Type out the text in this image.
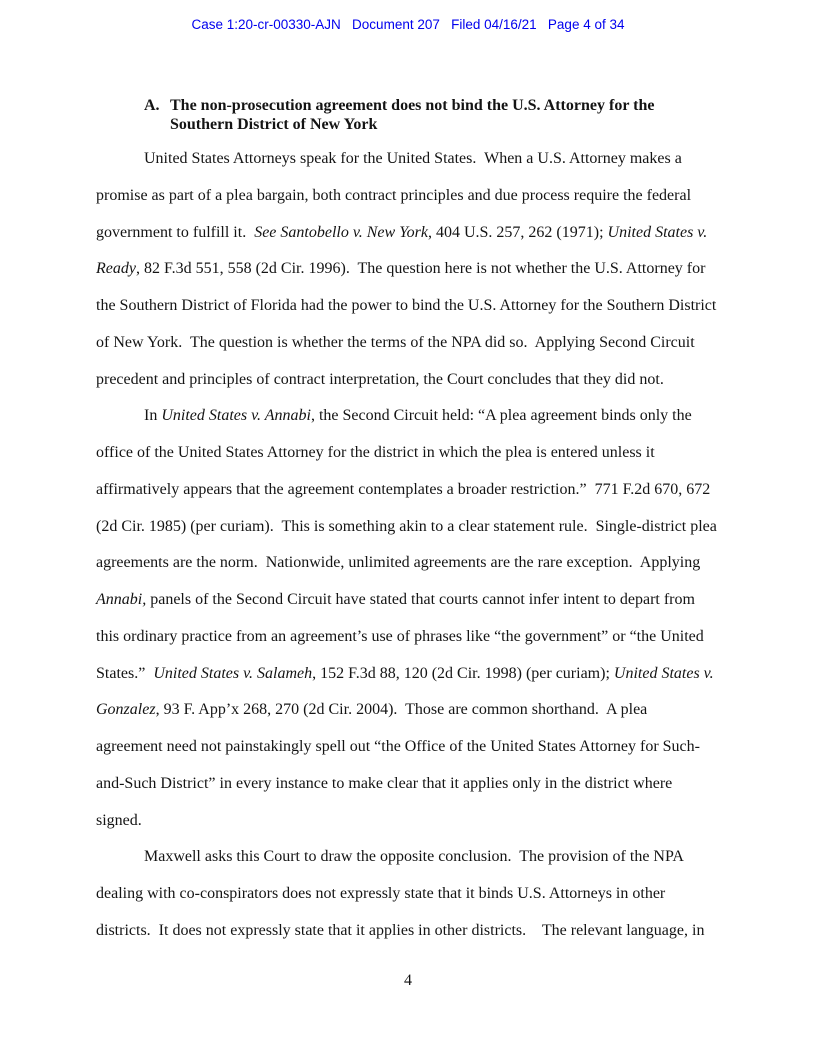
Case 1:20-cr-00330-AJN   Document 207   Filed 04/16/21   Page 4 of 34
A. The non-prosecution agreement does not bind the U.S. Attorney for the
Southern District of New York
United States Attorneys speak for the United States.  When a U.S. Attorney makes a
promise as part of a plea bargain, both contract principles and due process require the federal
government to fulfill it.  See Santobello v. New York, 404 U.S. 257, 262 (1971); United States v.
Ready, 82 F.3d 551, 558 (2d Cir. 1996).  The question here is not whether the U.S. Attorney for
the Southern District of Florida had the power to bind the U.S. Attorney for the Southern District
of New York.  The question is whether the terms of the NPA did so.  Applying Second Circuit
precedent and principles of contract interpretation, the Court concludes that they did not.
In United States v. Annabi, the Second Circuit held: “A plea agreement binds only the
office of the United States Attorney for the district in which the plea is entered unless it
affirmatively appears that the agreement contemplates a broader restriction.”  771 F.2d 670, 672
(2d Cir. 1985) (per curiam).  This is something akin to a clear statement rule.  Single-district plea
agreements are the norm.  Nationwide, unlimited agreements are the rare exception.  Applying
Annabi, panels of the Second Circuit have stated that courts cannot infer intent to depart from
this ordinary practice from an agreement’s use of phrases like “the government” or “the United
States.”  United States v. Salameh, 152 F.3d 88, 120 (2d Cir. 1998) (per curiam); United States v.
Gonzalez, 93 F. App’x 268, 270 (2d Cir. 2004).  Those are common shorthand.  A plea
agreement need not painstakingly spell out “the Office of the United States Attorney for Such-
and-Such District” in every instance to make clear that it applies only in the district where
signed.
Maxwell asks this Court to draw the opposite conclusion.  The provision of the NPA
dealing with co-conspirators does not expressly state that it binds U.S. Attorneys in other
districts.  It does not expressly state that it applies in other districts.    The relevant language, in
4
